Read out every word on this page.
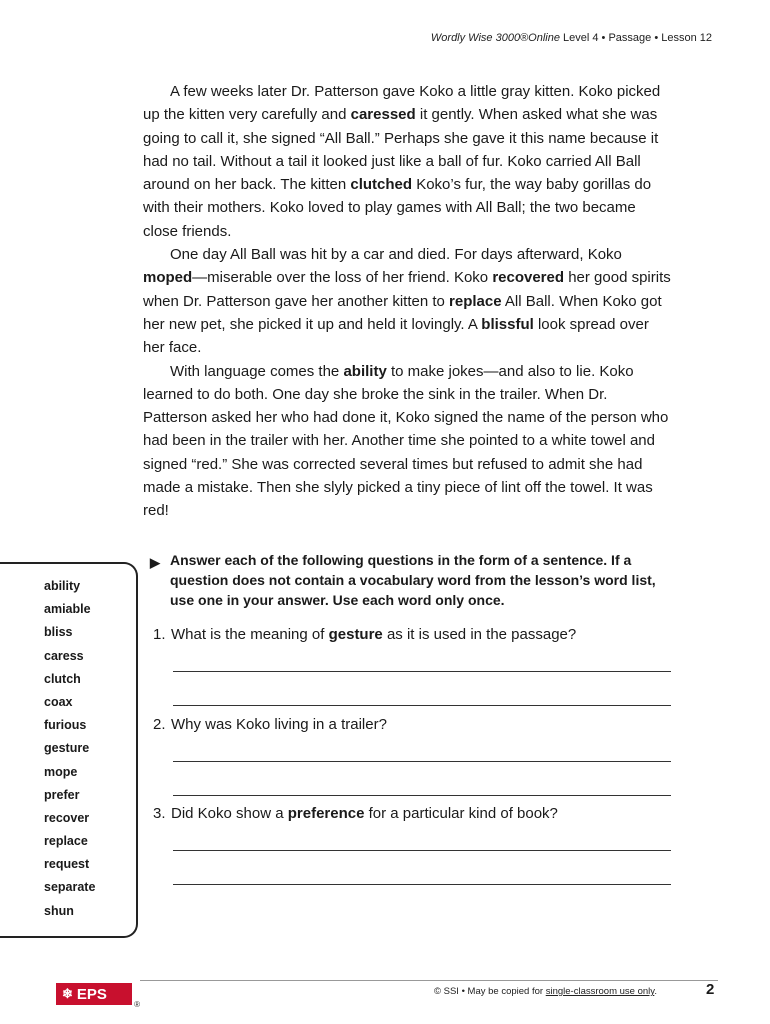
Wordly Wise 3000®Online Level 4 • Passage • Lesson 12

A few weeks later Dr. Patterson gave Koko a little gray kitten. Koko picked up the kitten very carefully and caressed it gently. When asked what she was going to call it, she signed “All Ball.” Perhaps she gave it this name because it had no tail. Without a tail it looked just like a ball of fur. Koko carried All Ball around on her back. The kitten clutched Koko’s fur, the way baby gorillas do with their mothers. Koko loved to play games with All Ball; the two became close friends.

One day All Ball was hit by a car and died. For days afterward, Koko moped—miserable over the loss of her friend. Koko recovered her good spirits when Dr. Patterson gave her another kitten to replace All Ball. When Koko got her new pet, she picked it up and held it lovingly. A blissful look spread over her face.

With language comes the ability to make jokes—and also to lie. Koko learned to do both. One day she broke the sink in the trailer. When Dr. Patterson asked her who had done it, Koko signed the name of the person who had been in the trailer with her. Another time she pointed to a white towel and signed “red.” She was corrected several times but refused to admit she had made a mistake. Then she slyly picked a tiny piece of lint off the towel. It was red!

ability
amiable
bliss
caress
clutch
coax
furious
gesture
mope
prefer
recover
replace
request
separate
shun
▶ Answer each of the following questions in the form of a sentence. If a question does not contain a vocabulary word from the lesson’s word list, use one in your answer. Use each word only once.
1. What is the meaning of gesture as it is used in the passage?
2. Why was Koko living in a trailer?
3. Did Koko show a preference for a particular kind of book?
❄ EPS
®
© SSI • May be copied for single-classroom use only.	2
